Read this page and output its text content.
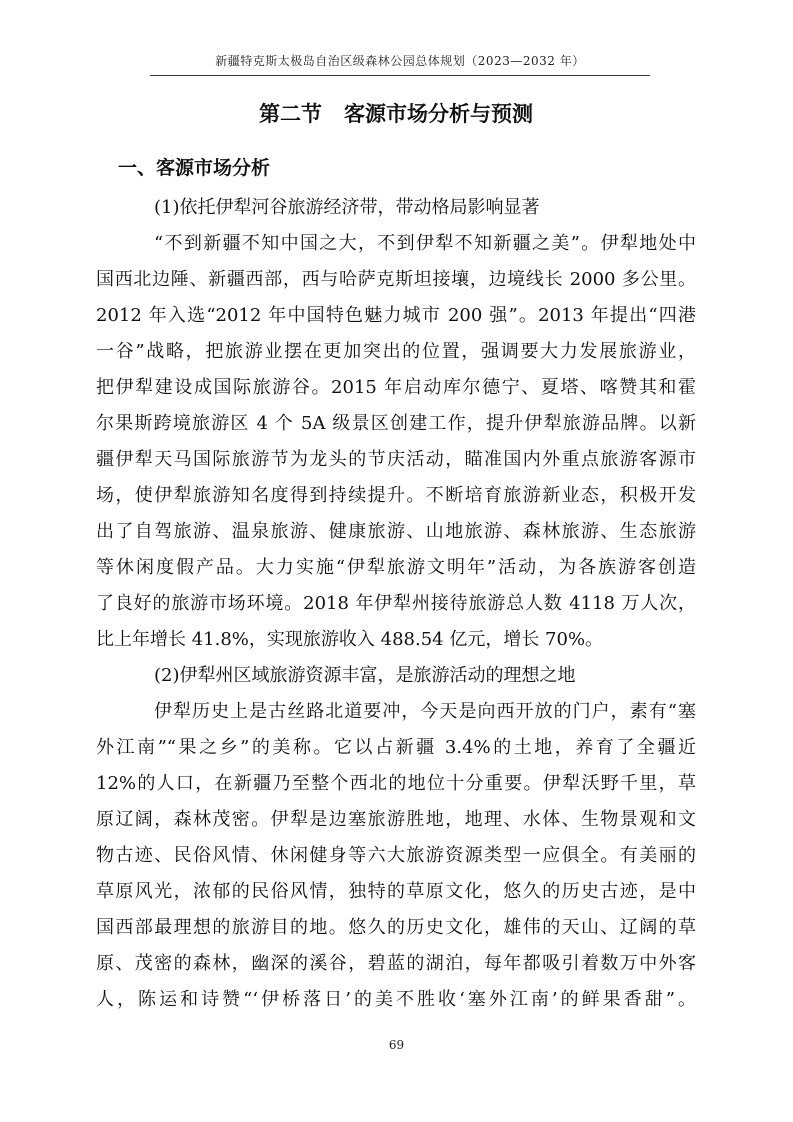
新疆特克斯太极岛自治区级森林公园总体规划（2023—2032 年）
第二节 客源市场分析与预测
一、客源市场分析
(1)依托伊犁河谷旅游经济带，带动格局影响显著
“不到新疆不知中国之大，不到伊犁不知新疆之美”。伊犁地处中
国西北边陲、新疆西部，西与哈萨克斯坦接壤，边境线长 2000 多公里。
2012 年入选“2012 年中国特色魅力城市 200 强”。2013 年提出“四港
一谷”战略，把旅游业摆在更加突出的位置，强调要大力发展旅游业，
把伊犁建设成国际旅游谷。2015 年启动库尔德宁、夏塔、喀赞其和霍
尔果斯跨境旅游区 4 个 5A 级景区创建工作，提升伊犁旅游品牌。以新
疆伊犁天马国际旅游节为龙头的节庆活动，瞄准国内外重点旅游客源市
场，使伊犁旅游知名度得到持续提升。不断培育旅游新业态，积极开发
出了自驾旅游、温泉旅游、健康旅游、山地旅游、森林旅游、生态旅游
等休闲度假产品。大力实施“伊犁旅游文明年”活动，为各族游客创造
了良好的旅游市场环境。2018 年伊犁州接待旅游总人数 4118 万人次，
比上年增长 41.8%，实现旅游收入 488.54 亿元，增长 70%。
(2)伊犁州区域旅游资源丰富，是旅游活动的理想之地
伊犁历史上是古丝路北道要冲，今天是向西开放的门户，素有“塞
外江南”“果之乡”的美称。它以占新疆 3.4%的土地，养育了全疆近
12%的人口，在新疆乃至整个西北的地位十分重要。伊犁沃野千里，草
原辽阔，森林茂密。伊犁是边塞旅游胜地，地理、水体、生物景观和文
物古迹、民俗风情、休闲健身等六大旅游资源类型一应俱全。有美丽的
草原风光，浓郁的民俗风情，独特的草原文化，悠久的历史古迹，是中
国西部最理想的旅游目的地。悠久的历史文化，雄伟的天山、辽阔的草
原、茂密的森林，幽深的溪谷，碧蓝的湖泊，每年都吸引着数万中外客
人，陈运和诗赞“‘伊桥落日’的美不胜收‘塞外江南’的鲜果香甜”。
69
